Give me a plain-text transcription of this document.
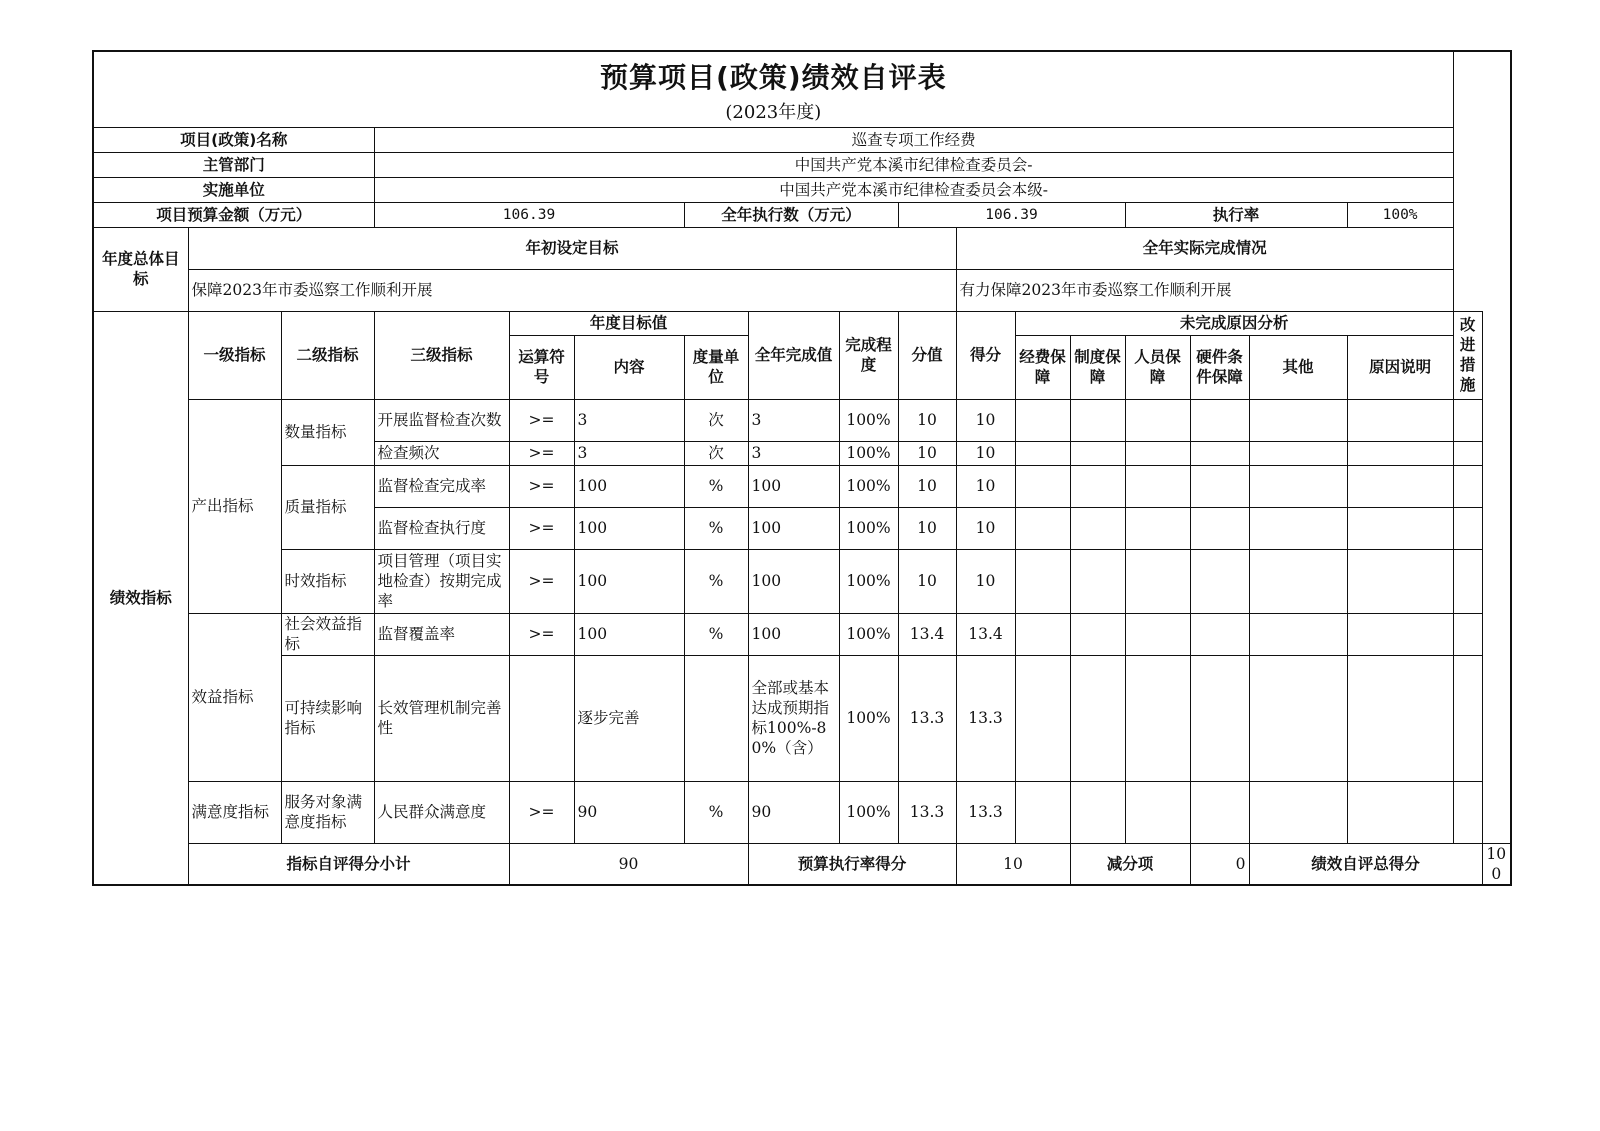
预算项目(政策)绩效自评表
(2023年度)																		

项目(政策)名称			巡查专项工作经费															
主管部门			中国共产党本溪市纪律检查委员会-															
实施单位			中国共产党本溪市纪律检查委员会本级-															
项目预算金额（万元）			106.39			全年执行数（万元）			106.39				执行率			100%		
年度总体目标	年初设定目标									全年实际完成情况								
	保障2023年市委巡察工作顺利开展									有力保障2023年市委巡察工作顺利开展								
绩效指标	一级指标	二级指标	三级指标	年度目标值			全年完成值	完成程度	分值	得分	未完成原因分析						改进措施	
				运算符号	内容	度量单位					经费保障	制度保障	人员保障	硬件条件保障	其他	原因说明		
	产出指标	数量指标	开展监督检查次数	>=	3	次	3	100%	10	10								
			检查频次	>=	3	次	3	100%	10	10								
		质量指标	监督检查完成率	>=	100	%	100	100%	10	10								
			监督检查执行度	>=	100	%	100	100%	10	10								
		时效指标	项目管理（项目实地检查）按期完成率	>=	100	%	100	100%	10	10								
	效益指标	社会效益指标	监督覆盖率	>=	100	%	100	100%	13.4	13.4								
		可持续影响指标	长效管理机制完善性		逐步完善		全部或基本达成预期指标100%-80%（含）	100%	13.3	13.3								
	满意度指标	服务对象满意度指标	人民群众满意度	>=	90	%	90	100%	13.3	13.3								
	指标自评得分小计			90			预算执行率得分			10		减分项		0	绩效自评总得分			100
